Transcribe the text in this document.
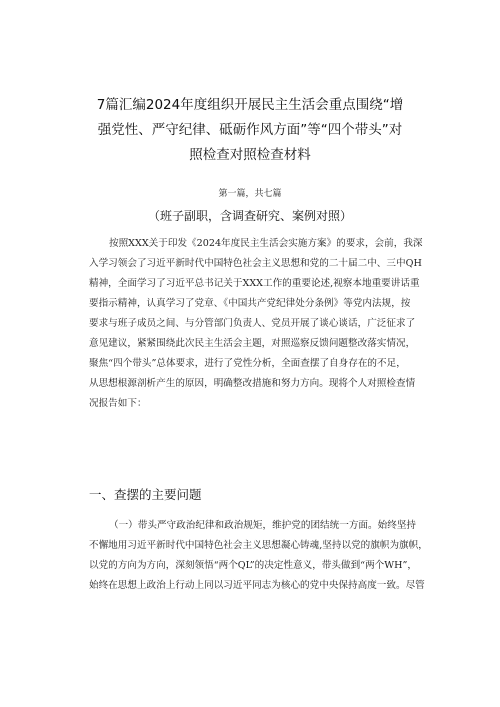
7篇汇编2024年度组织开展民主生活会重点围绕“增
强党性、严守纪律、砥砺作风方面”等“四个带头”对
照检查对照检查材料
第一篇，共七篇
（班子副职，含调查研究、案例对照）
按照XXX关于印发《2024年度民主生活会实施方案》的要求，会前，我深
入学习领会了习近平新时代中国特色社会主义思想和党的二十届二中、三中QH
精神，全面学习了习近平总书记关于XXX工作的重要论述,视察本地重要讲话重
要指示精神，认真学习了党章、《中国共产党纪律处分条例》等党内法规，按
要求与班子成员之间、与分管部门负责人、党员开展了谈心谈话，广泛征求了
意见建议，紧紧围绕此次民主生活会主题，对照巡察反馈问题整改落实情况，
聚焦“四个带头”总体要求，进行了党性分析，全面查摆了自身存在的不足，
从思想根源剖析产生的原因，明确整改措施和努力方向。现将个人对照检查情
况报告如下：
一、查摆的主要问题
（一）带头严守政治纪律和政治规矩，维护党的团结统一方面。始终坚持
不懈地用习近平新时代中国特色社会主义思想凝心铸魂,坚持以党的旗帜为旗帜，
以党的方向为方向，深刻领悟“两个QL”的决定性意义，带头做到“两个WH”，
始终在思想上政治上行动上同以习近平同志为核心的党中央保持高度一致。尽管
